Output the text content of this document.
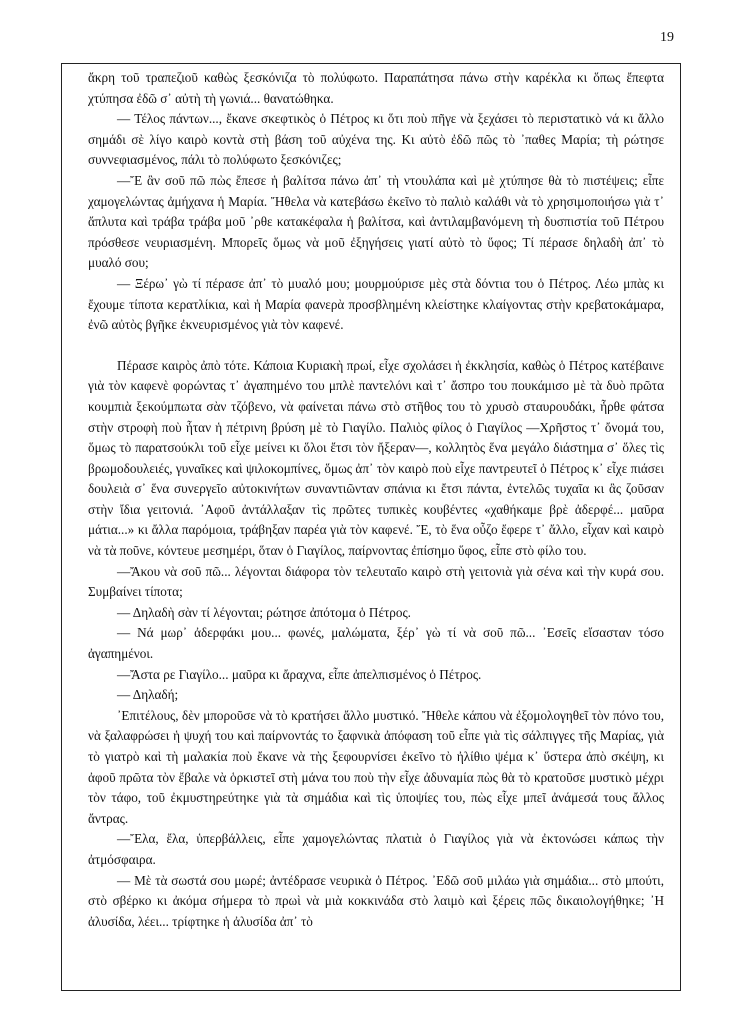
19

ἄκρη τοῦ τραπεζιοῦ καθὼς ξεσκόνιζα τὸ πολύφωτο. Παραπάτησα πάνω στὴν καρέκλα κι ὅπως ἔπεφτα χτύπησα ἐδῶ σ᾽ αὐτὴ τὴ γωνιά... θανατώθηκα.

— Τέλος πάντων..., ἔκανε σκεφτικὸς ὁ Πέτρος κι ὅτι ποὺ πῆγε νὰ ξεχάσει τὸ περιστατικὸ νά κι ἄλλο σημάδι σὲ λίγο καιρὸ κοντὰ στὴ βάση τοῦ αὐχένα της. Κι αὐτὸ ἐδῶ πῶς τὸ ᾽παθες Μαρία; τὴ ρώτησε συννεφιασμένος, πάλι τὸ πολύφωτο ξεσκόνιζες;

—Ἔ ἂν σοῦ πῶ πὼς ἔπεσε ἡ βαλίτσα πάνω ἀπ᾽ τὴ ντουλάπα καὶ μὲ χτύπησε θὰ τὸ πιστέψεις; εἶπε χαμογελώντας ἀμήχανα ἡ Μαρία. Ἤθελα νὰ κατεβάσω ἐκεῖνο τὸ παλιὸ καλάθι νὰ τὸ χρησιμοποιήσω γιὰ τ᾽ ἄπλυτα καὶ τράβα τράβα μοῦ ᾽ρθε κατακέφαλα ἡ βαλίτσα, καὶ ἀντιλαμβανόμενη τὴ δυσπιστία τοῦ Πέτρου πρόσθεσε νευριασμένη. Μπορεῖς ὅμως νὰ μοῦ ἐξηγήσεις γιατί αὐτὸ τὸ ὕφος; Τί πέρασε δηλαδὴ ἀπ᾽ τὸ μυαλό σου;

— Ξέρω᾽ γὼ τί πέρασε ἀπ᾽ τὸ μυαλό μου; μουρμούρισε μὲς στὰ δόντια του ὁ Πέτρος. Λέω μπὰς κι ἔχουμε τίποτα κερατλίκια, καὶ ἡ Μαρία φανερὰ προσβλημένη κλείστηκε κλαίγοντας στὴν κρεβατοκάμαρα, ἐνῶ αὐτὸς βγῆκε ἐκνευρισμένος γιὰ τὸν καφενέ.

Πέρασε καιρὸς ἀπὸ τότε. Κάποια Κυριακὴ πρωί, εἶχε σχολάσει ἡ ἐκκλησία, καθὼς ὁ Πέτρος κατέβαινε γιὰ τὸν καφενὲ φορώντας τ᾽ ἀγαπημένο του μπλὲ παντελόνι καὶ τ᾽ ἄσπρο του πουκάμισο μὲ τὰ δυὸ πρῶτα κουμπιὰ ξεκούμπωτα σὰν τζόβενο, νὰ φαίνεται πάνω στὸ στῆθος του τὸ χρυσὸ σταυρουδάκι, ἦρθε φάτσα στὴν στροφὴ ποὺ ἦταν ἡ πέτρινη βρύση μὲ τὸ Γιαγίλο. Παλιὸς φίλος ὁ Γιαγίλος —Χρῆστος τ᾽ ὄνομά του, ὅμως τὸ παρατσούκλι τοῦ εἶχε μείνει κι ὅλοι ἔτσι τὸν ἤξεραν—, κολλητὸς ἕνα μεγάλο διάστημα σ᾽ ὅλες τὶς βρωμοδουλειές, γυναῖκες καὶ ψιλοκομπίνες, ὅμως ἀπ᾽ τὸν καιρὸ ποὺ εἶχε παντρευτεῖ ὁ Πέτρος κ᾽ εἶχε πιάσει δουλειὰ σ᾽ ἕνα συνεργεῖο αὐτοκινήτων συναντιῶνταν σπάνια κι ἔτσι πάντα, ἐντελῶς τυχαῖα κι ἂς ζοῦσαν στὴν ἴδια γειτονιά. ᾽Αφοῦ ἀντάλλαξαν τὶς πρῶτες τυπικὲς κουβέντες «χαθήκαμε βρὲ ἀδερφέ... μαῦρα μάτια...» κι ἄλλα παρόμοια, τράβηξαν παρέα γιὰ τὸν καφενέ. Ἔ, τὸ ἕνα οὖζο ἔφερε τ᾽ ἄλλο, εἶχαν καὶ καιρὸ νὰ τὰ ποῦνε, κόντευε μεσημέρι, ὅταν ὁ Γιαγίλος, παίρνοντας ἐπίσημο ὕφος, εἶπε στὸ φίλο του.

—Ἄκου νὰ σοῦ πῶ... λέγονται διάφορα τὸν τελευταῖο καιρὸ στὴ γειτονιὰ γιὰ σένα καὶ τὴν κυρά σου. Συμβαίνει τίποτα;

— Δηλαδὴ σὰν τί λέγονται; ρώτησε ἀπότομα ὁ Πέτρος.

— Νά μωρ᾽ ἀδερφάκι μου... φωνές, μαλώματα, ξέρ᾽ γὼ τί νὰ σοῦ πῶ... ᾽Εσεῖς εἴσασταν τόσο ἀγαπημένοι.

—Ἄστα ρε Γιαγίλο... μαῦρα κι ἄραχνα, εἶπε ἀπελπισμένος ὁ Πέτρος.

— Δηλαδή;

᾽Επιτέλους, δὲν μποροῦσε νὰ τὸ κρατήσει ἄλλο μυστικό. Ἤθελε κάπου νὰ ἐξομολογηθεῖ τὸν πόνο του, νὰ ξαλαφρώσει ἡ ψυχή του καὶ παίρνοντάς το ξαφνικὰ ἀπόφαση τοῦ εἶπε γιὰ τὶς σάλπιγγες τῆς Μαρίας, γιὰ τὸ γιατρὸ καὶ τὴ μαλακία ποὺ ἔκανε νὰ τὴς ξεφουρνίσει ἐκεῖνο τὸ ἠλίθιο ψέμα κ᾽ ὕστερα ἀπὸ σκέψη, κι ἀφοῦ πρῶτα τὸν ἔβαλε νὰ ὁρκιστεῖ στὴ μάνα του ποὺ τὴν εἶχε ἀδυναμία πὼς θὰ τὸ κρατοῦσε μυστικὸ μέχρι τὸν τάφο, τοῦ ἐκμυστηρεύτηκε γιὰ τὰ σημάδια καὶ τὶς ὑποψίες του, πὼς εἶχε μπεῖ ἀνάμεσά τους ἄλλος ἄντρας.

—Ἔλα, ἔλα, ὑπερβάλλεις, εἶπε χαμογελώντας πλατιὰ ὁ Γιαγίλος γιὰ νὰ ἐκτονώσει κάπως τὴν ἀτμόσφαιρα.

— Μὲ τὰ σωστά σου μωρέ; ἀντέδρασε νευρικὰ ὁ Πέτρος. ᾽Εδῶ σοῦ μιλάω γιὰ σημάδια... στὸ μπούτι, στὸ σβέρκο κι ἀκόμα σήμερα τὸ πρωὶ νὰ μιὰ κοκκινάδα στὸ λαιμὸ καὶ ξέρεις πῶς δικαιολογήθηκε; ᾽Η ἀλυσίδα, λέει... τρίφτηκε ἡ ἀλυσίδα ἀπ᾽ τὸ
